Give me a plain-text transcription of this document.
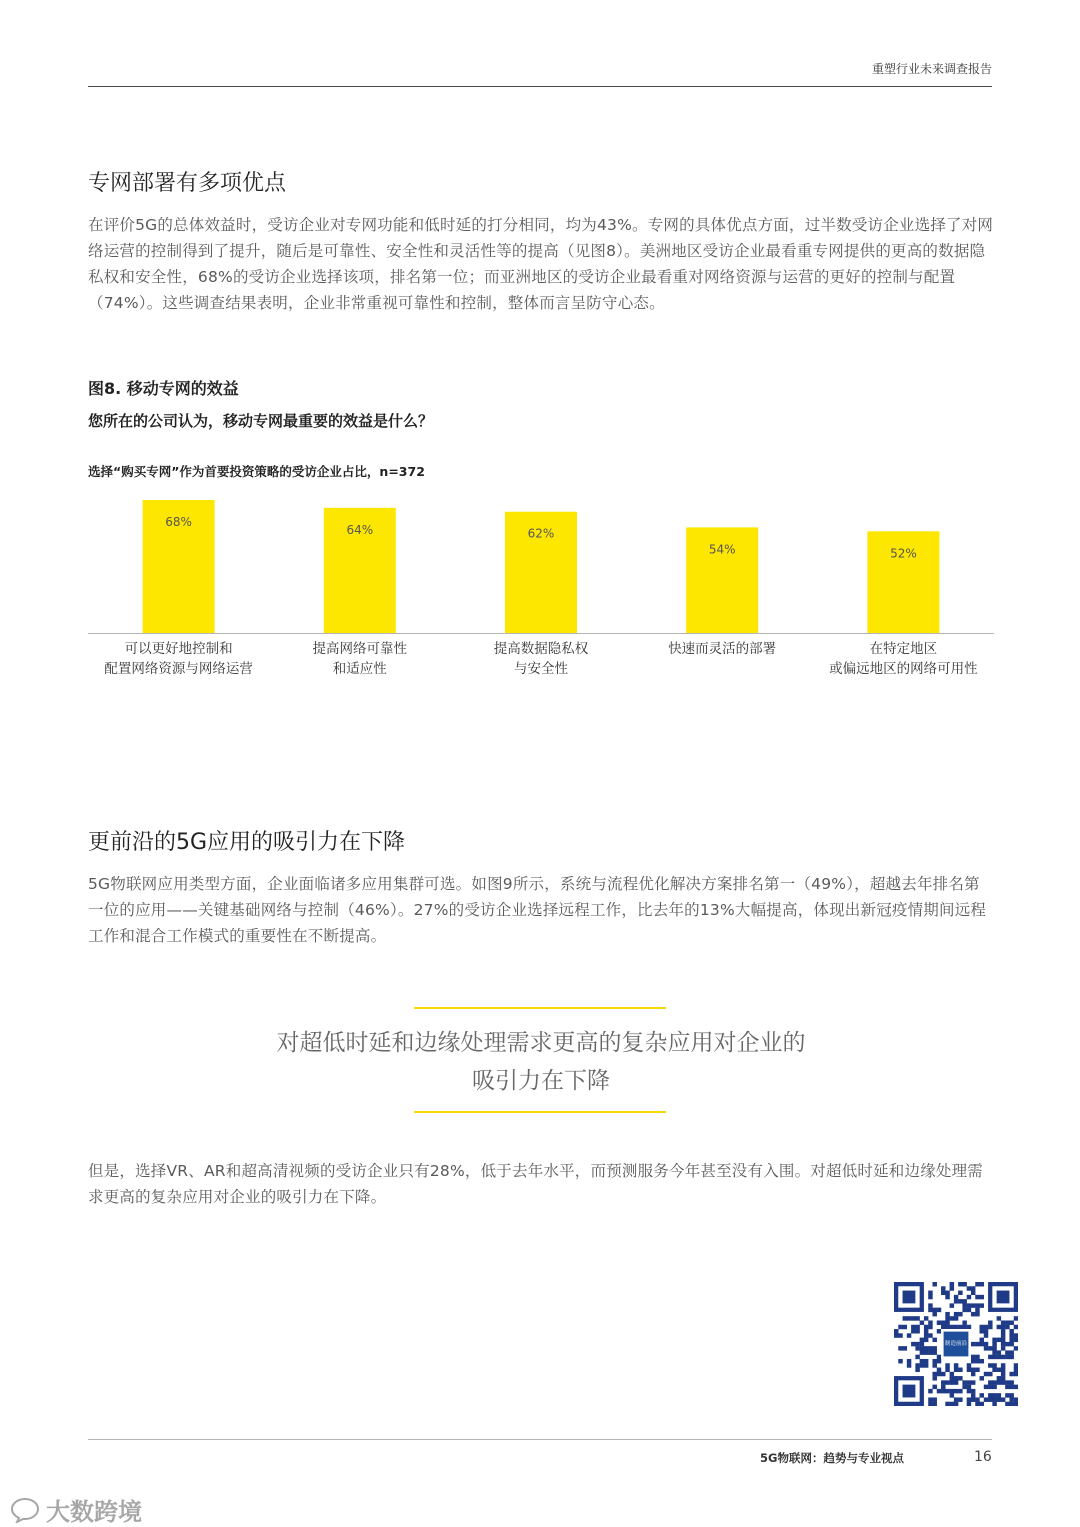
重塑行业未来调查报告
专网部署有多项优点

在评价5G的总体效益时，受访企业对专网功能和低时延的打分相同，均为43%。专网的具体优点方面，过半数受访企业选择了对网络运营的控制得到了提升，随后是可靠性、安全性和灵活性等的提高（见图8）。美洲地区受访企业最看重专网提供的更高的数据隐私权和安全性，68%的受访企业选择该项，排名第一位；而亚洲地区的受访企业最看重对网络资源与运营的更好的控制与配置（74%）。这些调查结果表明，企业非常重视可靠性和控制，整体而言呈防守心态。

图8. 移动专网的效益
您所在的公司认为，移动专网最重要的效益是什么？
选择“购买专网”作为首要投资策略的受访企业占比，n=372
68%
可以更好地控制和
配置网络资源与网络运营
64%
提高网络可靠性
和适应性
62%
提高数据隐私权
与安全性
54%
快速而灵活的部署
52%
在特定地区
或偏远地区的网络可用性
更前沿的5G应用的吸引力在下降

5G物联网应用类型方面，企业面临诸多应用集群可选。如图9所示，系统与流程优化解决方案排名第一（49%），超越去年排名第一位的应用——关键基础网络与控制（46%）。27%的受访企业选择远程工作，比去年的13%大幅提高，体现出新冠疫情期间远程工作和混合工作模式的重要性在不断提高。

对超低时延和边缘处理需求更高的复杂应用对企业的
吸引力在下降

但是，选择VR、AR和超高清视频的受访企业只有28%，低于去年水平，而预测服务今年甚至没有入围。对超低时延和边缘处理需求更高的复杂应用对企业的吸引力在下降。

制造前沿
5G物联网：趋势与专业视点	16
大数跨境
